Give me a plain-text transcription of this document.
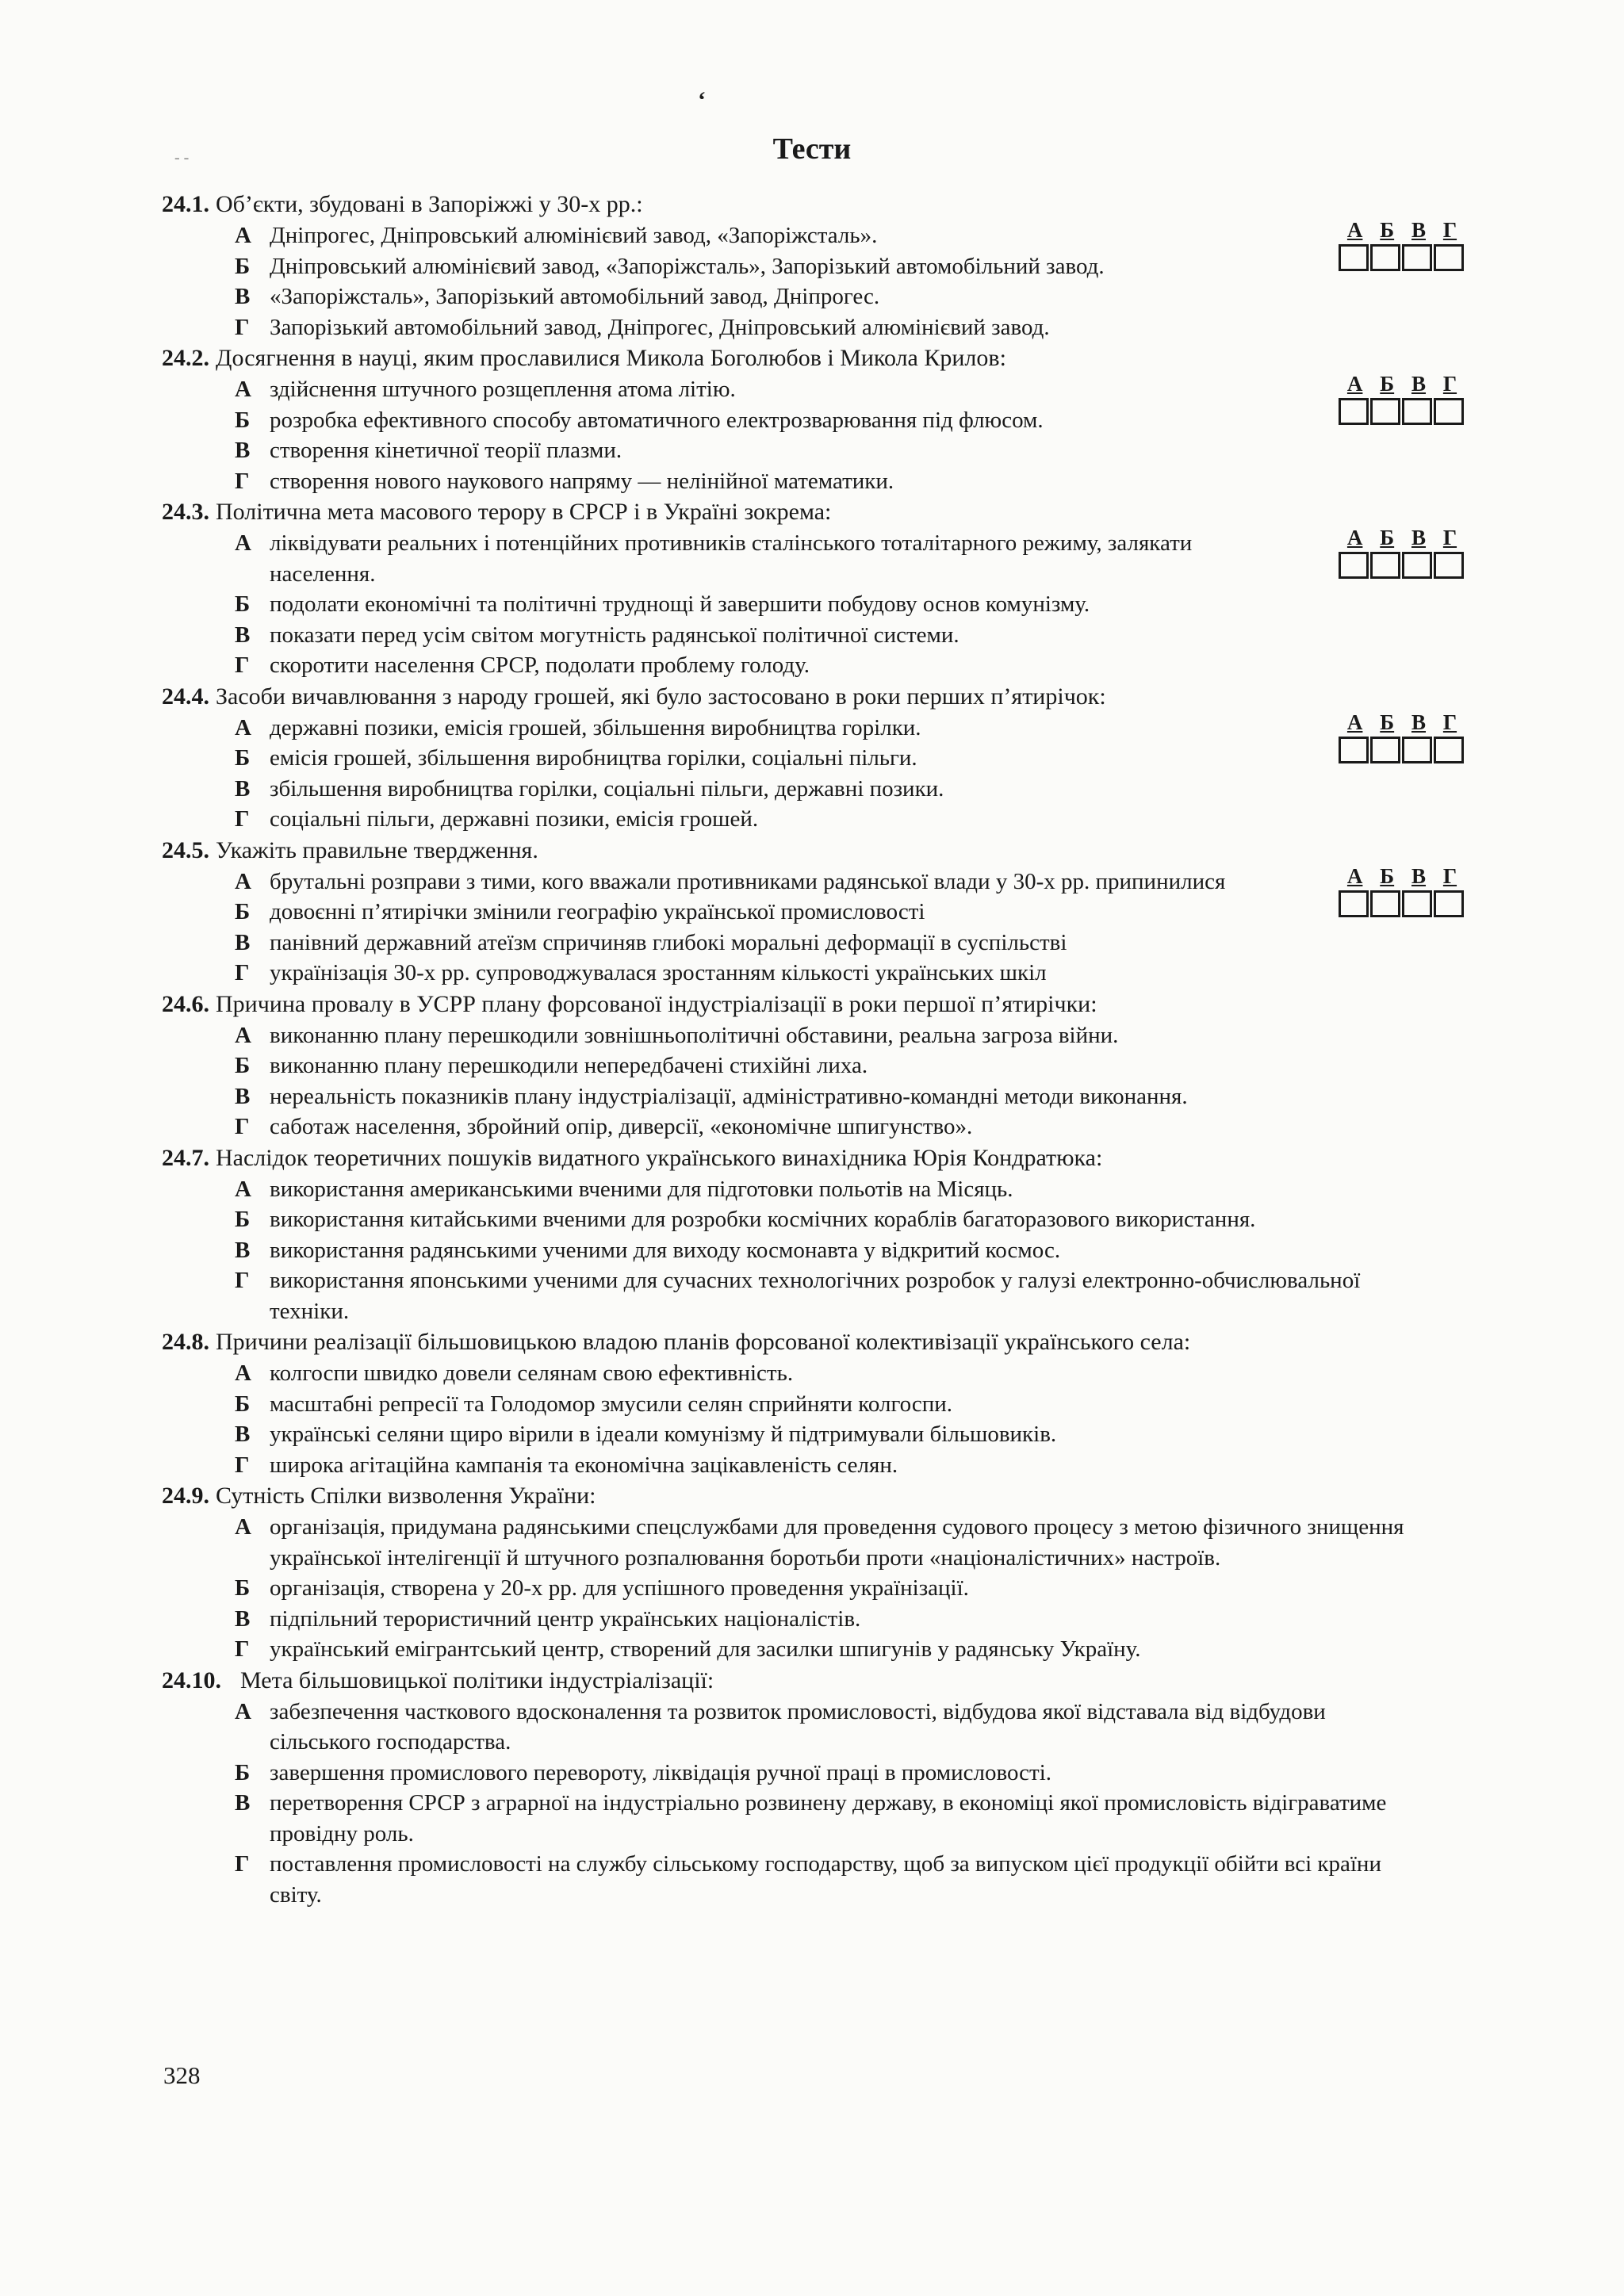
ʻ
- -	Тести
24.1. Об’єкти, збудовані в Запоріжжі у 30-х рр.:
А Дніпрогес, Дніпровський алюмінієвий завод, «Запоріжсталь».
Б Дніпровський алюмінієвий завод, «Запоріжсталь», Запорізький автомобільний завод.
В «Запоріжсталь», Запорізький автомобільний завод, Дніпрогес.
Г Запорізький автомобільний завод, Дніпрогес, Дніпровський алюмінієвий завод.
А Б В Г
24.2. Досягнення в науці, яким прославилися Микола Боголюбов і Микола Крилов:
А здійснення штучного розщеплення атома літію.
Б розробка ефективного способу автоматичного електрозварювання під флюсом.
В створення кінетичної теорії плазми.
Г створення нового наукового напряму — нелінійної математики.
А Б В Г
24.3. Політична мета масового терору в СРСР і в Україні зокрема:
А ліквідувати реальних і потенційних противників сталінського тоталітарного режиму, залякати населення.
Б подолати економічні та політичні труднощі й завершити побудову основ комунізму.
В показати перед усім світом могутність радянської політичної системи.
Г скоротити населення СРСР, подолати проблему голоду.
А Б В Г
24.4. Засоби вичавлювання з народу грошей, які було застосовано в роки перших п’ятирічок:
А державні позики, емісія грошей, збільшення виробництва горілки.
Б емісія грошей, збільшення виробництва горілки, соціальні пільги.
В збільшення виробництва горілки, соціальні пільги, державні позики.
Г соціальні пільги, державні позики, емісія грошей.
А Б В Г
24.5. Укажіть правильне твердження.
А брутальні розправи з тими, кого вважали противниками радянської влади у 30-х рр. припинилися
Б довоєнні п’ятирічки змінили географію української промисловості
В панівний державний атеїзм спричиняв глибокі моральні деформації в суспільстві
Г українізація 30-х рр. супроводжувалася зростанням кількості українських шкіл
А Б В Г
24.6. Причина провалу в УСРР плану форсованої індустріалізації в роки першої п’ятирічки:
А виконанню плану перешкодили зовнішньополітичні обставини, реальна загроза війни.
Б виконанню плану перешкодили непередбачені стихійні лиха.
В нереальність показників плану індустріалізації, адміністративно-командні методи виконання.
Г саботаж населення, збройний опір, диверсії, «економічне шпигунство».
24.7. Наслідок теоретичних пошуків видатного українського винахідника Юрія Кондратюка:
А використання американськими вченими для підготовки польотів на Місяць.
Б використання китайськими вченими для розробки космічних кораблів багаторазового використання.
В використання радянськими ученими для виходу космонавта у відкритий космос.
Г використання японськими ученими для сучасних технологічних розробок у галузі електронно-обчислювальної техніки.
24.8. Причини реалізації більшовицькою владою планів форсованої колективізації українського села:
А колгоспи швидко довели селянам свою ефективність.
Б масштабні репресії та Голодомор змусили селян сприйняти колгоспи.
В українські селяни щиро вірили в ідеали комунізму й підтримували більшовиків.
Г широка агітаційна кампанія та економічна зацікавленість селян.
24.9. Сутність Спілки визволення України:
А організація, придумана радянськими спецслужбами для проведення судового процесу з метою фізичного знищення української інтелігенції й штучного розпалювання боротьби проти «націоналістичних» настроїв.
Б організація, створена у 20-х рр. для успішного проведення українізації.
В підпільний терористичний центр українських націоналістів.
Г український емігрантський центр, створений для засилки шпигунів у радянську Україну.
24.10. Мета більшовицької політики індустріалізації:
А забезпечення часткового вдосконалення та розвиток промисловості, відбудова якої відставала від відбудови сільського господарства.
Б завершення промислового перевороту, ліквідація ручної праці в промисловості.
В перетворення СРСР з аграрної на індустріально розвинену державу, в економіці якої промисловість відіграватиме провідну роль.
Г поставлення промисловості на службу сільському господарству, щоб за випуском цієї продукції обійти всі країни світу.
328
